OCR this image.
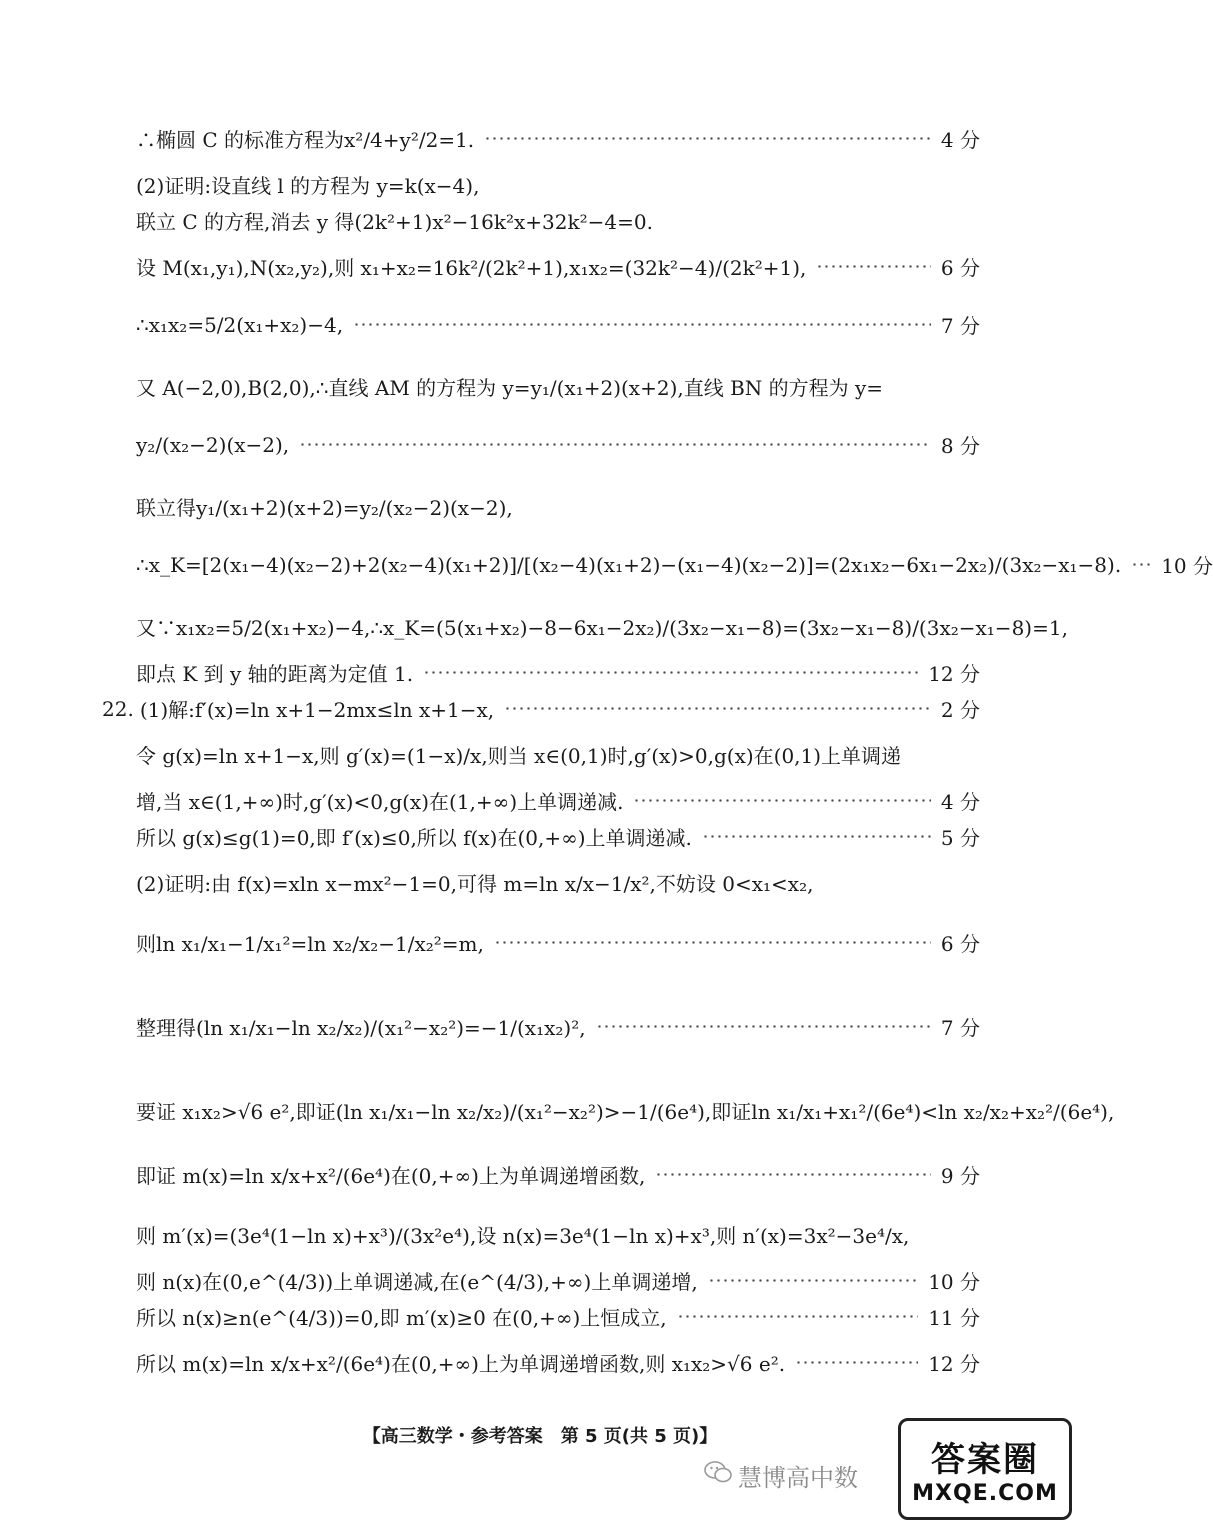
∴椭圆 C 的标准方程为x²/4+y²/2=1.	4 分
(2)证明:设直线 l 的方程为 y=k(x−4),
联立 C 的方程,消去 y 得(2k²+1)x²−16k²x+32k²−4=0.
设 M(x₁,y₁),N(x₂,y₂),则 x₁+x₂=16k²/(2k²+1),x₁x₂=(32k²−4)/(2k²+1),	6 分
∴x₁x₂=5/2(x₁+x₂)−4,	7 分
又 A(−2,0),B(2,0),∴直线 AM 的方程为 y=y₁/(x₁+2)(x+2),直线 BN 的方程为 y=
y₂/(x₂−2)(x−2),	8 分
联立得y₁/(x₁+2)(x+2)=y₂/(x₂−2)(x−2),
∴x_K=[2(x₁−4)(x₂−2)+2(x₂−4)(x₁+2)]/[(x₂−4)(x₁+2)−(x₁−4)(x₂−2)]=(2x₁x₂−6x₁−2x₂)/(3x₂−x₁−8). 10 分
又∵x₁x₂=5/2(x₁+x₂)−4,∴x_K=(5(x₁+x₂)−8−6x₁−2x₂)/(3x₂−x₁−8)=(3x₂−x₁−8)/(3x₂−x₁−8)=1,
即点 K 到 y 轴的距离为定值 1.	12 分
22. (1)解:f′(x)=ln x+1−2mx≤ln x+1−x,	2 分
令 g(x)=ln x+1−x,则 g′(x)=(1−x)/x,则当 x∈(0,1)时,g′(x)>0,g(x)在(0,1)上单调递
增,当 x∈(1,+∞)时,g′(x)<0,g(x)在(1,+∞)上单调递减.	4 分
所以 g(x)≤g(1)=0,即 f′(x)≤0,所以 f(x)在(0,+∞)上单调递减.	5 分
(2)证明:由 f(x)=xln x−mx²−1=0,可得 m=ln x/x−1/x²,不妨设 0<x₁<x₂,
则ln x₁/x₁−1/x₁²=ln x₂/x₂−1/x₂²=m,	6 分
整理得(ln x₁/x₁−ln x₂/x₂)/(x₁²−x₂²)=−1/(x₁x₂)²,	7 分
要证 x₁x₂>√6 e²,即证(ln x₁/x₁−ln x₂/x₂)/(x₁²−x₂²)>−1/(6e⁴),即证ln x₁/x₁+x₁²/(6e⁴)<ln x₂/x₂+x₂²/(6e⁴),
即证 m(x)=ln x/x+x²/(6e⁴)在(0,+∞)上为单调递增函数,	9 分
则 m′(x)=(3e⁴(1−ln x)+x³)/(3x²e⁴),设 n(x)=3e⁴(1−ln x)+x³,则 n′(x)=3x²−3e⁴/x,
则 n(x)在(0,e^(4/3))上单调递减,在(e^(4/3),+∞)上单调递增,	10 分
所以 n(x)≥n(e^(4/3))=0,即 m′(x)≥0 在(0,+∞)上恒成立,	11 分
所以 m(x)=ln x/x+x²/(6e⁴)在(0,+∞)上为单调递增函数,则 x₁x₂>√6 e².	12 分
【高三数学・参考答案　第 5 页(共 5 页)】
慧博高中数 答案圈
MXQE.COM
